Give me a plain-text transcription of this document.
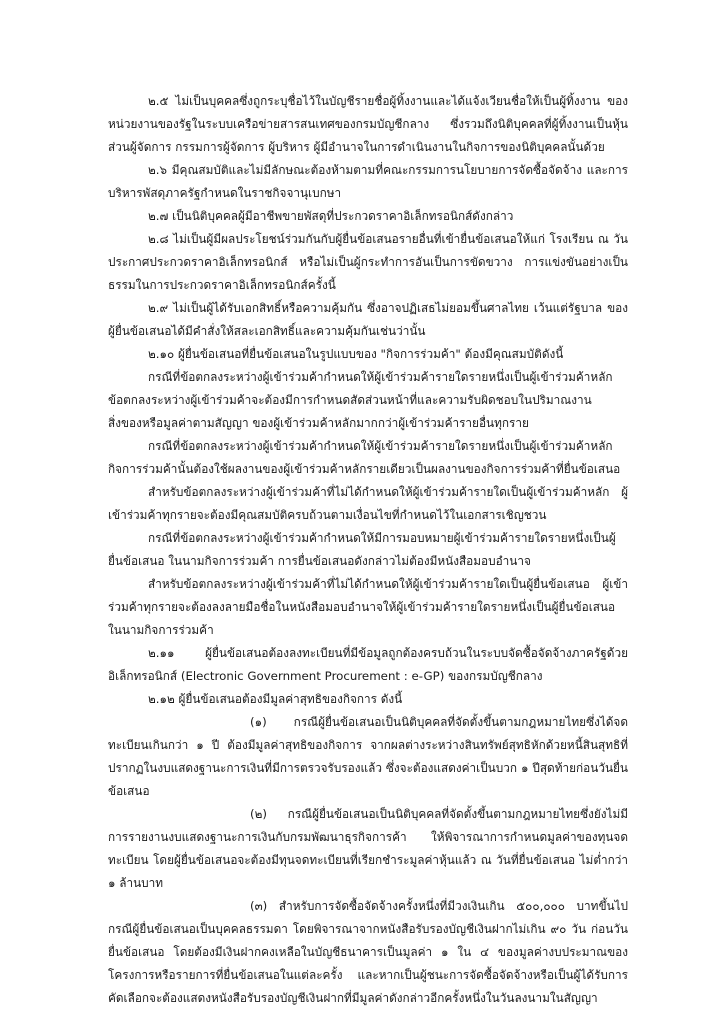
๒.๕ ไม่เป็นบุคคลซึ่งถูกระบุชื่อไว้ในบัญชีรายชื่อผู้ทิ้งงานและได้แจ้งเวียนชื่อให้เป็นผู้ทิ้งงาน ของหน่วยงานของรัฐในระบบเครือข่ายสารสนเทศของกรมบัญชีกลาง ซึ่งรวมถึงนิติบุคคลที่ผู้ทิ้งงานเป็นหุ้นส่วนผู้จัดการ กรรมการผู้จัดการ ผู้บริหาร ผู้มีอำนาจในการดำเนินงานในกิจการของนิติบุคคลนั้นด้วย

๒.๖ มีคุณสมบัติและไม่มีลักษณะต้องห้ามตามที่คณะกรรมการนโยบายการจัดซื้อจัดจ้าง และการบริหารพัสดุภาครัฐกำหนดในราชกิจจานุเบกษา

๒.๗ เป็นนิติบุคคลผู้มีอาชีพขายพัสดุที่ประกวดราคาอิเล็กทรอนิกส์ดังกล่าว

๒.๘ ไม่เป็นผู้มีผลประโยชน์ร่วมกันกับผู้ยื่นข้อเสนอรายอื่นที่เข้ายื่นข้อเสนอให้แก่ โรงเรียน ณ วันประกาศประกวดราคาอิเล็กทรอนิกส์ หรือไม่เป็นผู้กระทำการอันเป็นการขัดขวาง การแข่งขันอย่างเป็นธรรมในการประกวดราคาอิเล็กทรอนิกส์ครั้งนี้

๒.๙ ไม่เป็นผู้ได้รับเอกสิทธิ์หรือความคุ้มกัน ซึ่งอาจปฏิเสธไม่ยอมขึ้นศาลไทย เว้นแต่รัฐบาล ของผู้ยื่นข้อเสนอได้มีคำสั่งให้สละเอกสิทธิ์และความคุ้มกันเช่นว่านั้น

๒.๑๐ ผู้ยื่นข้อเสนอที่ยื่นข้อเสนอในรูปแบบของ "กิจการร่วมค้า" ต้องมีคุณสมบัติดังนี้

กรณีที่ข้อตกลงระหว่างผู้เข้าร่วมค้ากำหนดให้ผู้เข้าร่วมค้ารายใดรายหนึ่งเป็นผู้เข้าร่วมค้าหลัก ข้อตกลงระหว่างผู้เข้าร่วมค้าจะต้องมีการกำหนดสัดส่วนหน้าที่และความรับผิดชอบในปริมาณงาน สิ่งของหรือมูลค่าตามสัญญา ของผู้เข้าร่วมค้าหลักมากกว่าผู้เข้าร่วมค้ารายอื่นทุกราย

กรณีที่ข้อตกลงระหว่างผู้เข้าร่วมค้ากำหนดให้ผู้เข้าร่วมค้ารายใดรายหนึ่งเป็นผู้เข้าร่วมค้าหลักกิจการร่วมค้านั้นต้องใช้ผลงานของผู้เข้าร่วมค้าหลักรายเดียวเป็นผลงานของกิจการร่วมค้าที่ยื่นข้อเสนอ

สำหรับข้อตกลงระหว่างผู้เข้าร่วมค้าที่ไม่ได้กำหนดให้ผู้เข้าร่วมค้ารายใดเป็นผู้เข้าร่วมค้าหลัก ผู้เข้าร่วมค้าทุกรายจะต้องมีคุณสมบัติครบถ้วนตามเงื่อนไขที่กำหนดไว้ในเอกสารเชิญชวน

กรณีที่ข้อตกลงระหว่างผู้เข้าร่วมค้ากำหนดให้มีการมอบหมายผู้เข้าร่วมค้ารายใดรายหนึ่งเป็นผู้ยื่นข้อเสนอ ในนามกิจการร่วมค้า การยื่นข้อเสนอดังกล่าวไม่ต้องมีหนังสือมอบอำนาจ

สำหรับข้อตกลงระหว่างผู้เข้าร่วมค้าที่ไม่ได้กำหนดให้ผู้เข้าร่วมค้ารายใดเป็นผู้ยื่นข้อเสนอ ผู้เข้าร่วมค้าทุกรายจะต้องลงลายมือชื่อในหนังสือมอบอำนาจให้ผู้เข้าร่วมค้ารายใดรายหนึ่งเป็นผู้ยื่นข้อเสนอในนามกิจการร่วมค้า

๒.๑๑ ผู้ยื่นข้อเสนอต้องลงทะเบียนที่มีข้อมูลถูกต้องครบถ้วนในระบบจัดซื้อจัดจ้างภาครัฐด้วยอิเล็กทรอนิกส์ (Electronic Government Procurement : e-GP) ของกรมบัญชีกลาง

๒.๑๒ ผู้ยื่นข้อเสนอต้องมีมูลค่าสุทธิของกิจการ ดังนี้

(๑) กรณีผู้ยื่นข้อเสนอเป็นนิติบุคคลที่จัดตั้งขึ้นตามกฎหมายไทยซึ่งได้จดทะเบียนเกินกว่า ๑ ปี ต้องมีมูลค่าสุทธิของกิจการ จากผลต่างระหว่างสินทรัพย์สุทธิหักด้วยหนี้สินสุทธิที่ปรากฏในงบแสดงฐานะการเงินที่มีการตรวจรับรองแล้ว ซึ่งจะต้องแสดงค่าเป็นบวก ๑ ปีสุดท้ายก่อนวันยื่นข้อเสนอ

(๒) กรณีผู้ยื่นข้อเสนอเป็นนิติบุคคลที่จัดตั้งขึ้นตามกฎหมายไทยซึ่งยังไม่มีการรายงานงบแสดงฐานะการเงินกับกรมพัฒนาธุรกิจการค้า ให้พิจารณาการกำหนดมูลค่าของทุนจดทะเบียน โดยผู้ยื่นข้อเสนอจะต้องมีทุนจดทะเบียนที่เรียกชำระมูลค่าหุ้นแล้ว ณ วันที่ยื่นข้อเสนอ ไม่ต่ำกว่า ๑ ล้านบาท

(๓) สำหรับการจัดซื้อจัดจ้างครั้งหนึ่งที่มีวงเงินเกิน ๕๐๐,๐๐๐ บาทขึ้นไป กรณีผู้ยื่นข้อเสนอเป็นบุคคลธรรมดา โดยพิจารณาจากหนังสือรับรองบัญชีเงินฝากไม่เกิน ๙๐ วัน ก่อนวันยื่นข้อเสนอ โดยต้องมีเงินฝากคงเหลือในบัญชีธนาคารเป็นมูลค่า ๑ ใน ๔ ของมูลค่างบประมาณของโครงการหรือรายการที่ยื่นข้อเสนอในแต่ละครั้ง และหากเป็นผู้ชนะการจัดซื้อจัดจ้างหรือเป็นผู้ได้รับการคัดเลือกจะต้องแสดงหนังสือรับรองบัญชีเงินฝากที่มีมูลค่าดังกล่าวอีกครั้งหนึ่งในวันลงนามในสัญญา
